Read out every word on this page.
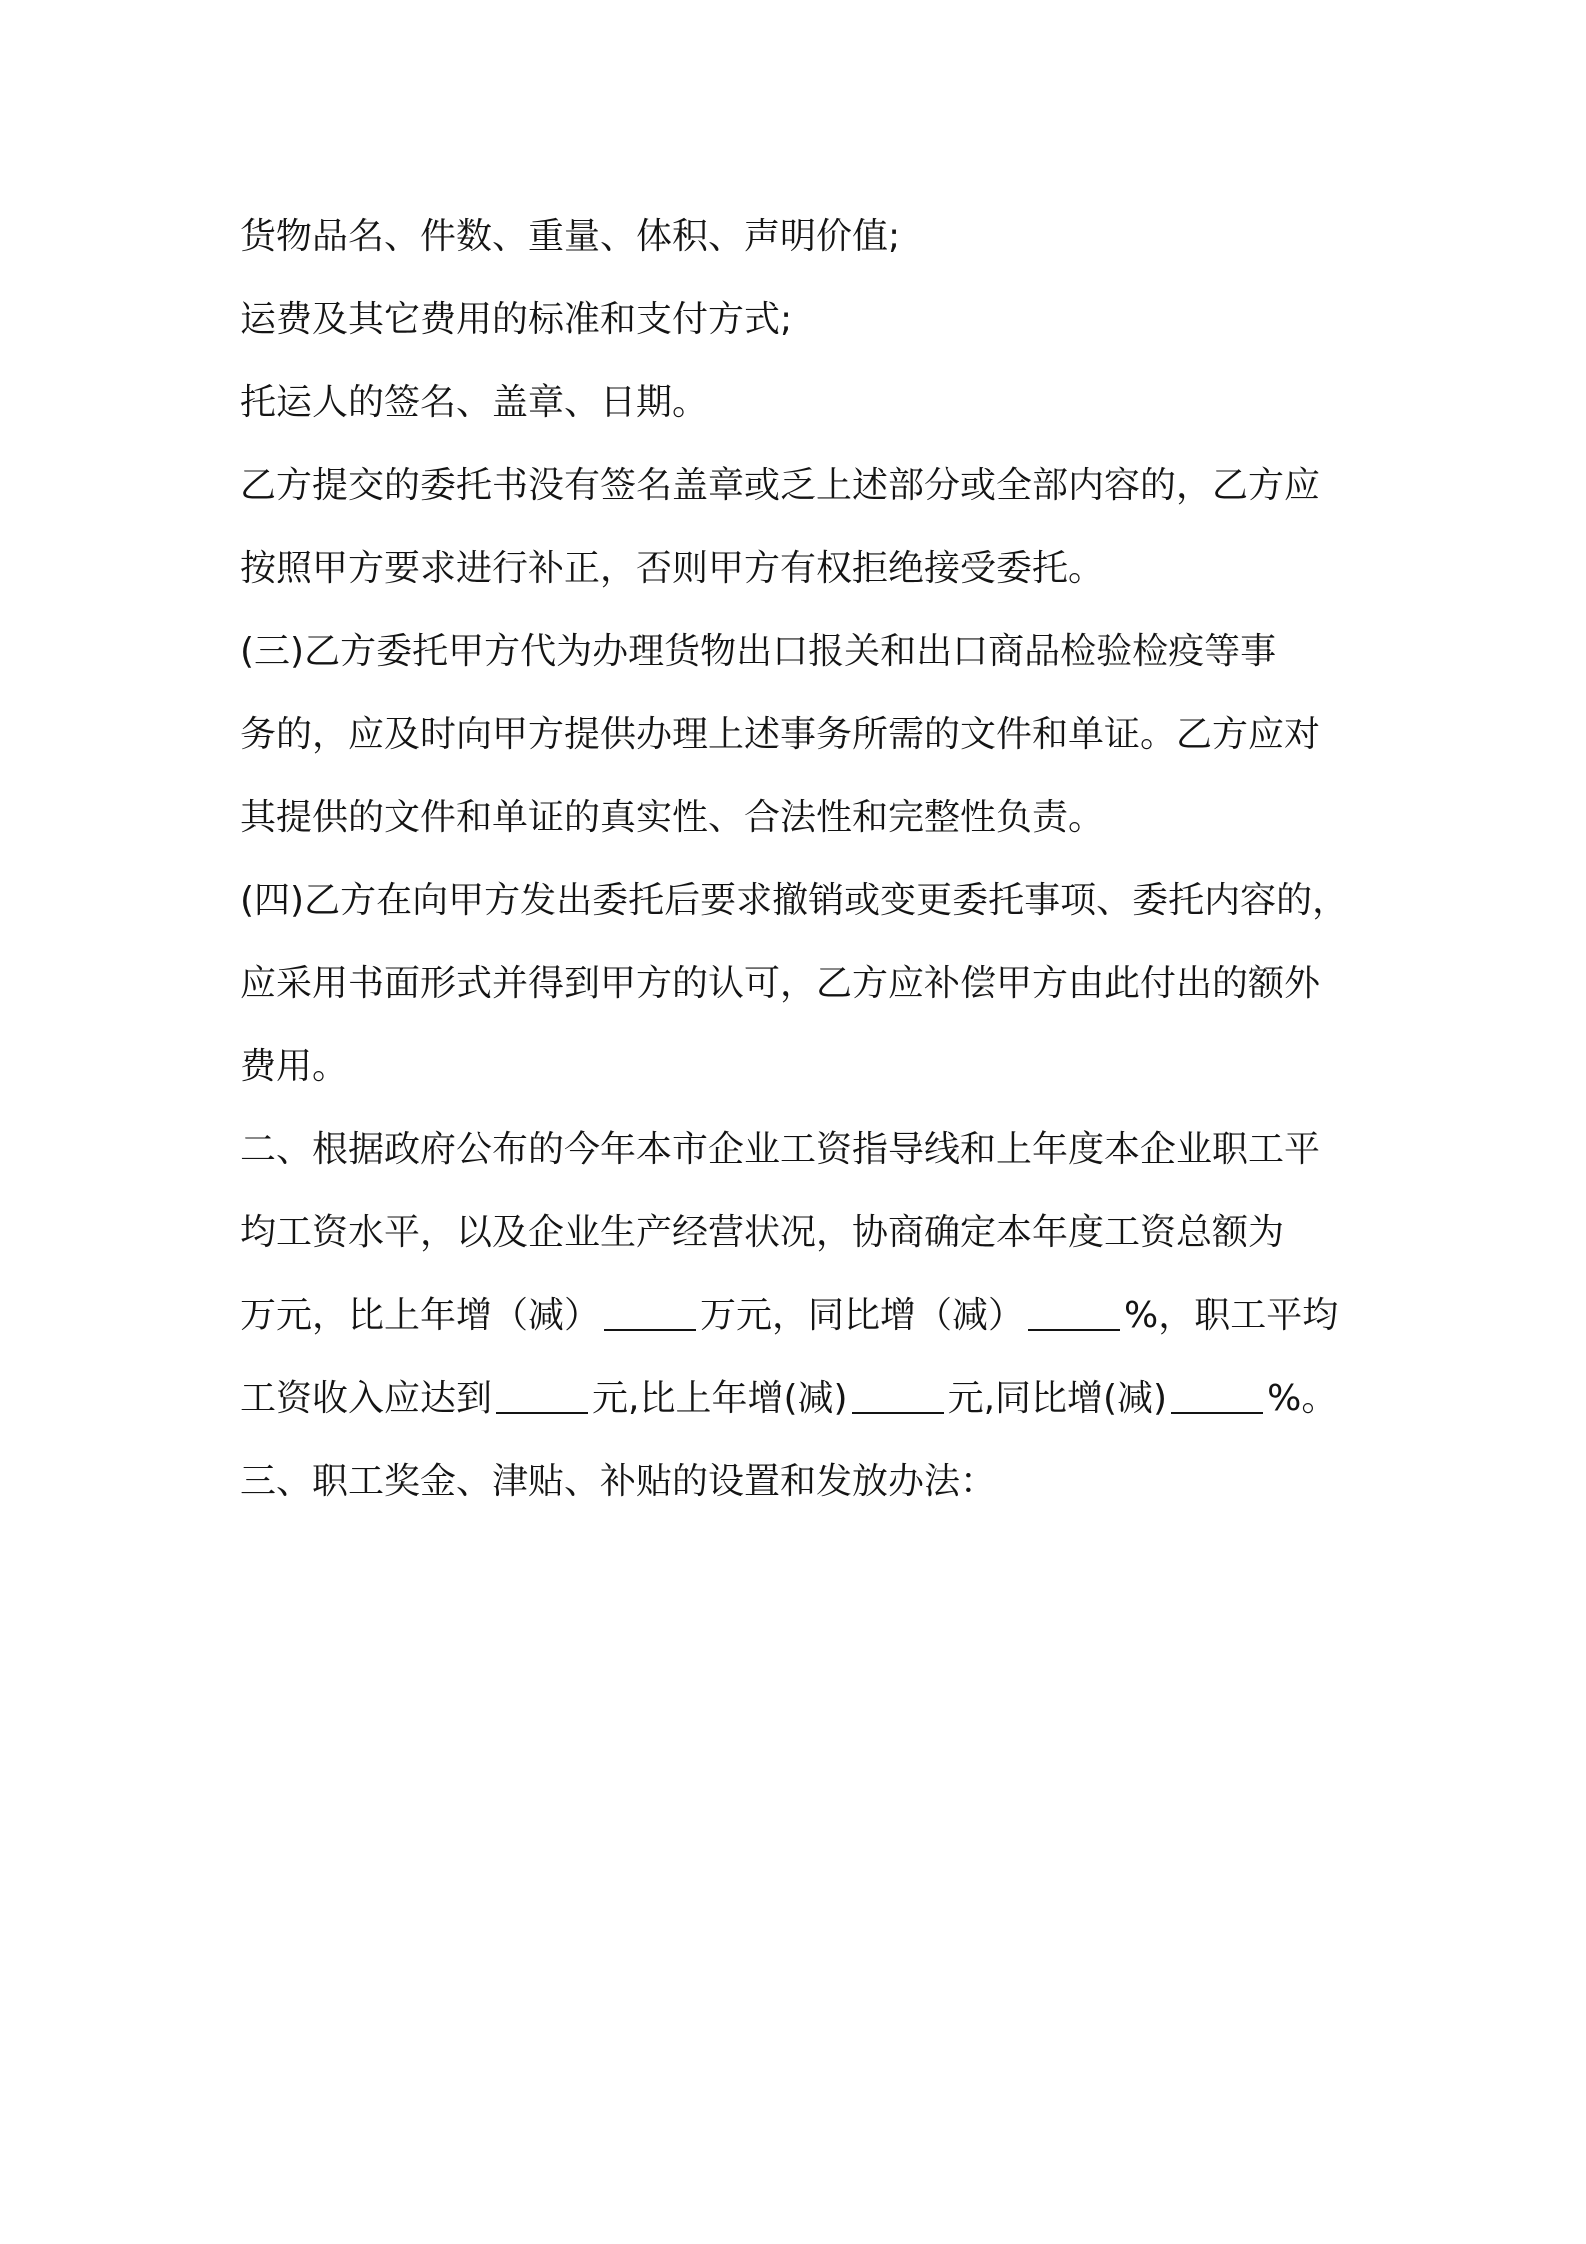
货物品名、件数、重量、体积、声明价值;
运费及其它费用的标准和支付方式;
托运人的签名、盖章、日期。
乙方提交的委托书没有签名盖章或乏上述部分或全部内容的，乙方应
按照甲方要求进行补正，否则甲方有权拒绝接受委托。
(三)乙方委托甲方代为办理货物出口报关和出口商品检验检疫等事
务的，应及时向甲方提供办理上述事务所需的文件和单证。乙方应对
其提供的文件和单证的真实性、合法性和完整性负责。
(四)乙方在向甲方发出委托后要求撤销或变更委托事项、委托内容的，
应采用书面形式并得到甲方的认可，乙方应补偿甲方由此付出的额外
费用。
二、根据政府公布的今年本市企业工资指导线和上年度本企业职工平
均工资水平，以及企业生产经营状况，协商确定本年度工资总额为
万元，比上年增（减）	万元，同比增（减）	%，职工平均
工资收入应达到	元,比上年增(减)	元,同比增(减)	%。
三、职工奖金、津贴、补贴的设置和发放办法：
